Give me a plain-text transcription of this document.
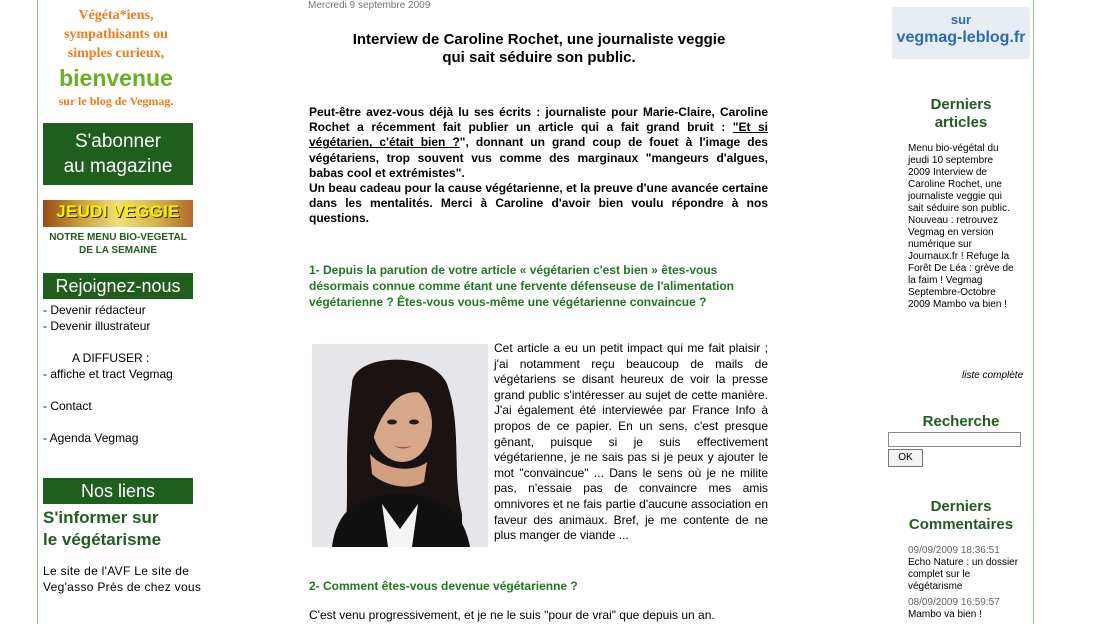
Végéta*iens,
sympathisants ou
simples curieux,
bienvenue
sur le blog de Vegmag.
S'abonner
au magazine
JEUDI VEGGIE
NOTRE MENU BIO-VEGETAL
DE LA SEMAINE
Rejoignez-nous
- Devenir rédacteur
- Devenir illustrateur
A DIFFUSER :
- affiche et tract Vegmag
- Contact
- Agenda Vegmag
Nos liens
S'informer sur
le végétarisme
Le site de l'AVF Le site de Veg'asso Près de chez vous
Mercredi 9 septembre 2009
Interview de Caroline Rochet, une journaliste veggie
qui sait séduire son public.

Peut-être avez-vous déjà lu ses écrits : journaliste pour Marie-Claire, Caroline Rochet a récemment fait publier un article qui a fait grand bruit : "Et si végétarien, c'était bien ?", donnant un grand coup de fouet à l'image des végétariens, trop souvent vus comme des marginaux "mangeurs d'algues, babas cool et extrémistes".

Un beau cadeau pour la cause végétarienne, et la preuve d'une avancée certaine dans les mentalités. Merci à Caroline d'avoir bien voulu répondre à nos questions.

1- Depuis la parution de votre article « végétarien c'est bien » êtes-vous désormais connue comme étant une fervente défenseuse de l'alimentation végétarienne ? Êtes-vous vous-même une végétarienne convaincue ?
Cet article a eu un petit impact qui me fait plaisir ; j'ai notamment reçu beaucoup de mails de végétariens se disant heureux de voir la presse grand public s'intéresser au sujet de cette manière. J'ai également été interviewée par France Info à propos de ce papier. En un sens, c'est presque gênant, puisque si je suis effectivement végétarienne, je ne sais pas si je peux y ajouter le mot "convaincue" ... Dans le sens où je ne milite pas, n'essaie pas de convaincre mes amis omnivores et ne fais partie d'aucune association en faveur des animaux. Bref, je me contente de ne plus manger de viande ...
2- Comment êtes-vous devenue végétarienne ?
C'est venu progressivement, et je ne le suis "pour de vrai" que depuis un an.
sur
vegmag-leblog.fr
Derniers
articles
Menu bio-végétal du jeudi 10 septembre 2009 Interview de Caroline Rochet, une journaliste veggie qui sait séduire son public. Nouveau : retrouvez Vegmag en version numérique sur Journaux.fr ! Refuge la Forêt De Léa : grève de la faim ! Vegmag Septembre-Octobre 2009 Mambo va bien !
liste complète
Recherche
OK
Derniers
Commentaires
09/09/2009 18:36:51
Echo Nature : un dossier complet sur le végétarisme
08/09/2009 16:59:57
Mambo va bien !
